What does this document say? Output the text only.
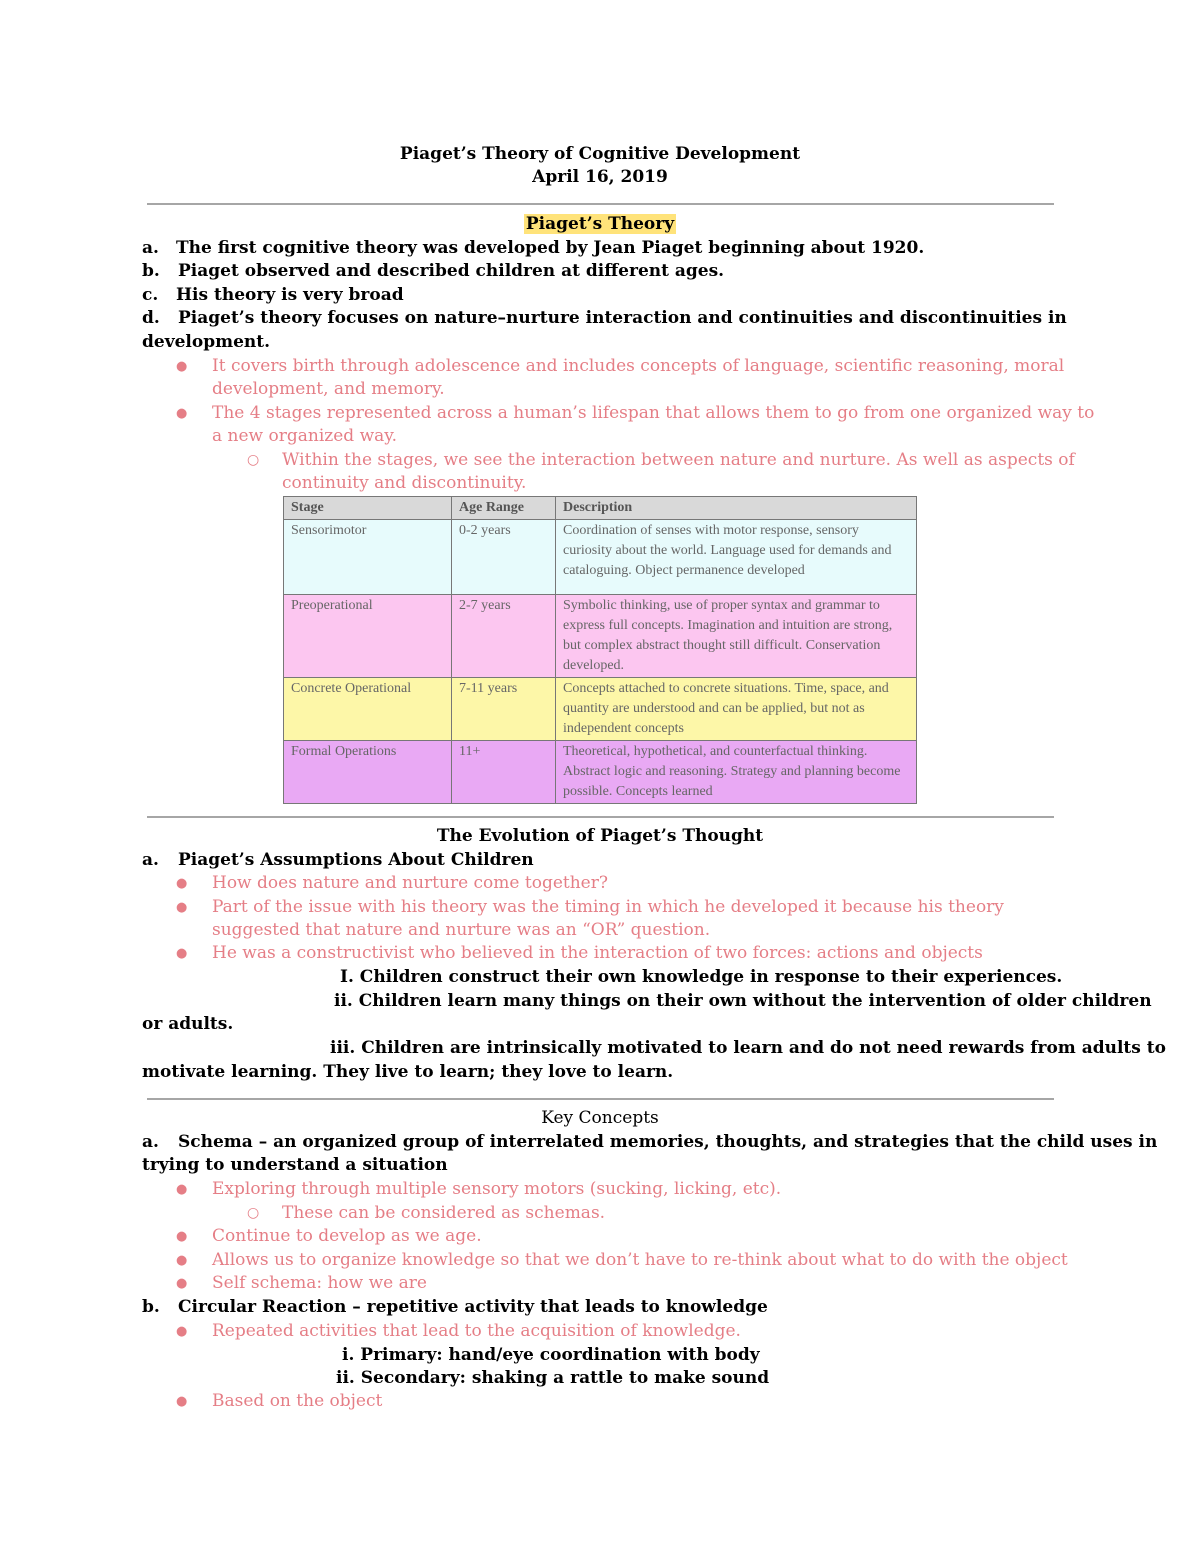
Piaget’s Theory of Cognitive Development
April 16, 2019
Piaget’s Theory
a. The first cognitive theory was developed by Jean Piaget beginning about 1920.
b. Piaget observed and described children at different ages.
c. His theory is very broad
d. Piaget’s theory focuses on nature–nurture interaction and continuities and discontinuities in
development.
● It covers birth through adolescence and includes concepts of language, scientific reasoning, moral
development, and memory.
● The 4 stages represented across a human’s lifespan that allows them to go from one organized way to
a new organized way.
○ Within the stages, we see the interaction between nature and nurture. As well as aspects of
continuity and discontinuity.
Stage	Age Range	Description
Sensorimotor	0-2 years	Coordination of senses with motor response, sensory curiosity about the world. Language used for demands and cataloguing. Object permanence developed
Preoperational	2-7 years	Symbolic thinking, use of proper syntax and grammar to express full concepts. Imagination and intuition are strong, but complex abstract thought still difficult. Conservation developed.
Concrete Operational	7-11 years	Concepts attached to concrete situations. Time, space, and quantity are understood and can be applied, but not as independent concepts
Formal Operations	11+	Theoretical, hypothetical, and counterfactual thinking. Abstract logic and reasoning. Strategy and planning become possible. Concepts learned
The Evolution of Piaget’s Thought
a. Piaget’s Assumptions About Children
● How does nature and nurture come together?
● Part of the issue with his theory was the timing in which he developed it because his theory
suggested that nature and nurture was an “OR” question.
● He was a constructivist who believed in the interaction of two forces: actions and objects
I. Children construct their own knowledge in response to their experiences.
ii. Children learn many things on their own without the intervention of older children
or adults.
iii. Children are intrinsically motivated to learn and do not need rewards from adults to
motivate learning. They live to learn; they love to learn.
Key Concepts
a. Schema – an organized group of interrelated memories, thoughts, and strategies that the child uses in
trying to understand a situation
● Exploring through multiple sensory motors (sucking, licking, etc).
○ These can be considered as schemas.
● Continue to develop as we age.
● Allows us to organize knowledge so that we don’t have to re-think about what to do with the object
● Self schema: how we are
b. Circular Reaction – repetitive activity that leads to knowledge
● Repeated activities that lead to the acquisition of knowledge.
i. Primary: hand/eye coordination with body
ii. Secondary: shaking a rattle to make sound
● Based on the object
